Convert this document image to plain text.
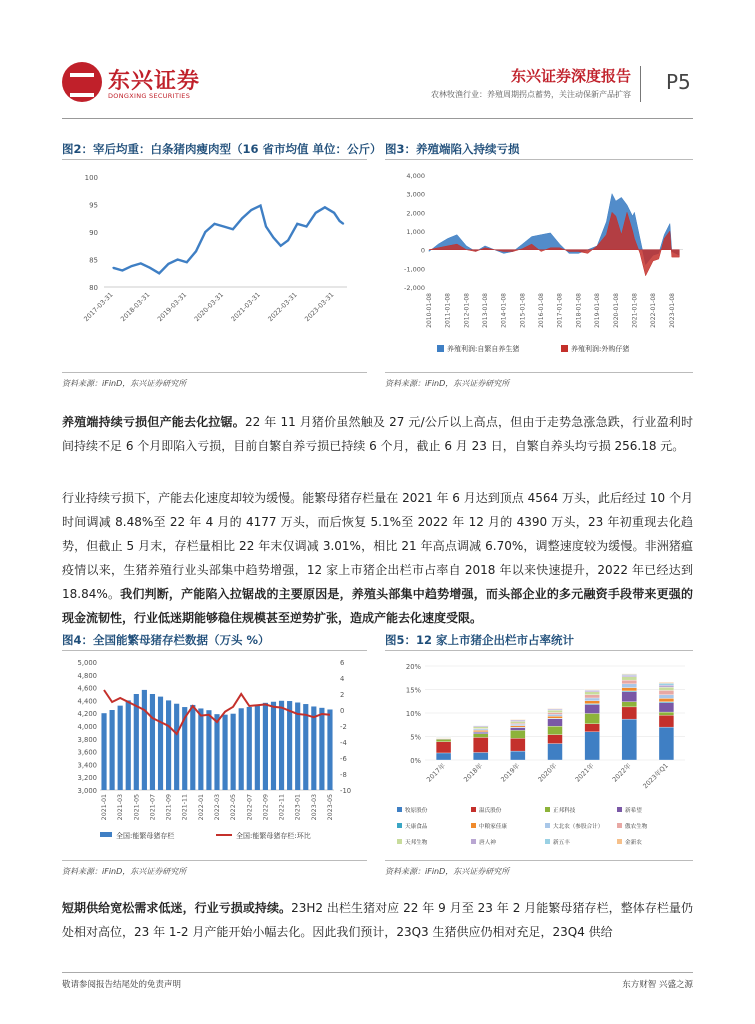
东兴证券
DONGXING SECURITIES
东兴证券深度报告
农林牧渔行业：养殖周期拐点蓄势，关注动保新产品扩容
P5
图2：宰后均重：白条猪肉瘦肉型（16 省市均值 单位：公斤） 图3：养殖端陷入持续亏损
80
85
90
95
100
2017-03-31 2018-03-31 2019-03-31 2020-03-31 2021-03-31 2022-03-31 2023-03-31
-2,000
-1,000
0
1,000
2,000
3,000
4,000
2010-01-08 2011-01-08 2012-01-08 2013-01-08 2014-01-08 2015-01-08 2016-01-08 2017-01-08 2018-01-08 2019-01-08 2020-01-08 2021-01-08 2022-01-08 2023-01-08
养殖利润:自繁自养生猪	养殖利润:外购仔猪
资料来源：iFinD，东兴证券研究所	资料来源：iFinD，东兴证券研究所
养殖端持续亏损但产能去化拉锯。22 年 11 月猪价虽然触及 27 元/公斤以上高点，但由于走势急涨急跌，行业盈利时间持续不足 6 个月即陷入亏损，目前自繁自养亏损已持续 6 个月，截止 6 月 23 日，自繁自养头均亏损 256.18 元。
行业持续亏损下，产能去化速度却较为缓慢。能繁母猪存栏量在 2021 年 6 月达到顶点 4564 万头，此后经过 10 个月时间调减 8.48%至 22 年 4 月的 4177 万头，而后恢复 5.1%至 2022 年 12 月的 4390 万头，23 年初重现去化趋势，但截止 5 月末，存栏量相比 22 年末仅调减 3.01%，相比 21 年高点调减 6.70%，调整速度较为缓慢。非洲猪瘟疫情以来，生猪养殖行业头部集中趋势增强，12 家上市猪企出栏市占率自 2018 年以来快速提升，2022 年已经达到 18.84%。我们判断，产能陷入拉锯战的主要原因是，养殖头部集中趋势增强，而头部企业的多元融资手段带来更强的现金流韧性，行业低迷期能够稳住规模甚至逆势扩张，造成产能去化速度受限。
图4：全国能繁母猪存栏数据（万头 %）	图5：12 家上市猪企出栏市占率统计
3,000
3,200
3,400
3,600
3,800
4,000
4,200
4,400
4,600
4,800
5,000
-10
-8
-6
-4
-2
0
2
4
6
2021-01 2021-03 2021-05 2021-07 2021-09 2021-11 2022-01 2022-03 2022-05 2022-07 2022-09 2022-11 2023-01 2023-03 2023-05
全国:能繁母猪存栏	全国:能繁母猪存栏:环比
0%
5%
10%
15%
20%
2017年 2018年 2019年 2020年 2021年 2022年 2023年Q1
牧原股份	温氏股份	正邦科技	新希望
天康食品	中粮家佳康	大北农（参股合计）	傲农生物
天邦生物	唐人神	新五丰	金新农
资料来源：iFinD，东兴证券研究所	资料来源：iFinD，东兴证券研究所
短期供给宽松需求低迷，行业亏损或持续。23H2 出栏生猪对应 22 年 9 月至 23 年 2 月能繁母猪存栏，整体存栏量仍处相对高位，23 年 1-2 月产能开始小幅去化。因此我们预计，23Q3 生猪供应仍相对充足，23Q4 供给
敬请参阅报告结尾处的免责声明	东方财智 兴盛之源
